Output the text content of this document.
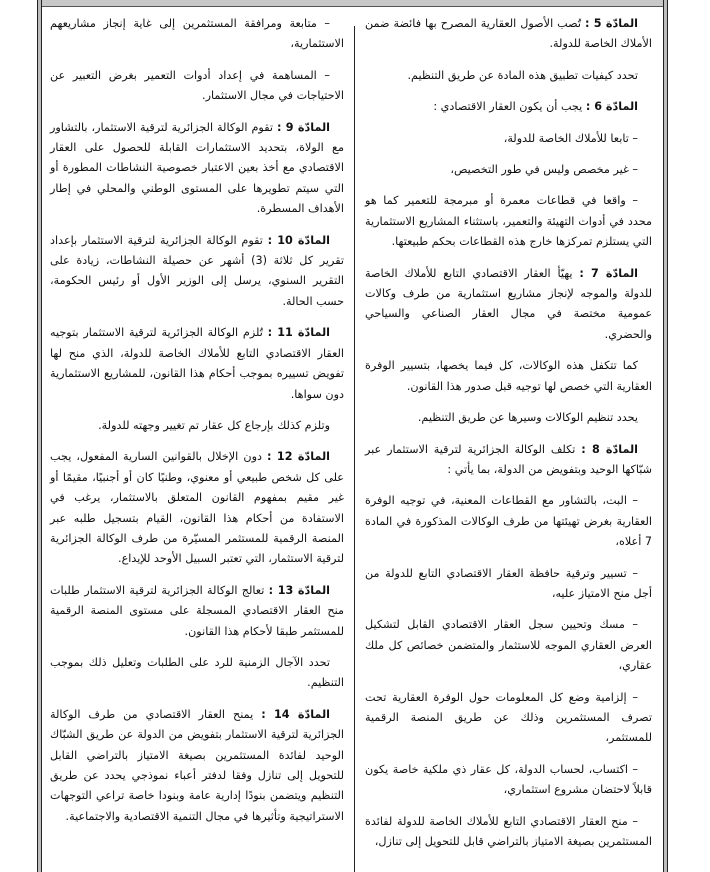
المادّة 5 : تُصب الأصول العقارية المصرح بها فائضة ضمن الأملاك الخاصة للدولة.

تحدد كيفيات تطبيق هذه المادة عن طريق التنظيم.

المادّة 6 : يجب أن يكون العقار الاقتصادي :

– تابعا للأملاك الخاصة للدولة،

– غير مخصص وليس في طور التخصيص،

– واقعا في قطاعات معمرة أو مبرمجة للتعمير كما هو محدد في أدوات التهيئة والتعمير، باستثناء المشاريع الاستثمارية التي يستلزم تمركزها خارج هذه القطاعات بحكم طبيعتها.

المادّة 7 : يهيّأ العقار الاقتصادي التابع للأملاك الخاصة للدولة والموجه لإنجاز مشاريع استثمارية من طرف وكالات عمومية مختصة في مجال العقار الصناعي والسياحي والحضري.

كما تتكفل هذه الوكالات، كل فيما يخصها، بتسيير الوفرة العقارية التي خصص لها توجيه قبل صدور هذا القانون.

يحدد تنظيم الوكالات وسيرها عن طريق التنظيم.

المادّة 8 : تكلف الوكالة الجزائرية لترقية الاستثمار عبر شبّاكها الوحيد وبتفويض من الدولة، بما يأتي :

– البت، بالتشاور مع القطاعات المعنية، في توجيه الوفرة العقارية بغرض تهيئتها من طرف الوكالات المذكورة في المادة 7 أعلاه،

– تسيير وترقية حافظة العقار الاقتصادي التابع للدولة من أجل منح الامتياز عليه،

– مسك وتحيين سجل العقار الاقتصادي القابل لتشكيل العرض العقاري الموجه للاستثمار والمتضمن خصائص كل ملك عقاري،

– إلزامية وضع كل المعلومات حول الوفرة العقارية تحت تصرف المستثمرين وذلك عن طريق المنصة الرقمية للمستثمر،

– اكتساب، لحساب الدولة، كل عقار ذي ملكية خاصة يكون قابلاً لاحتضان مشروع استثماري،

– منح العقار الاقتصادي التابع للأملاك الخاصة للدولة لفائدة المستثمرين بصيغة الامتياز بالتراضي قابل للتحويل إلى تنازل،

– متابعة ومرافقة المستثمرين إلى غاية إنجاز مشاريعهم الاستثمارية،

– المساهمة في إعداد أدوات التعمير بغرض التعبير عن الاحتياجات في مجال الاستثمار.

المادّة 9 : تقوم الوكالة الجزائرية لترقية الاستثمار، بالتشاور مع الولاة، بتحديد الاستثمارات القابلة للحصول على العقار الاقتصادي مع أخذ بعين الاعتبار خصوصية النشاطات المطورة أو التي سيتم تطويرها على المستوى الوطني والمحلي في إطار الأهداف المسطرة.

المادّة 10 : تقوم الوكالة الجزائرية لترقية الاستثمار بإعداد تقرير كل ثلاثة (3) أشهر عن حصيلة النشاطات، زيادة على التقرير السنوي، يرسل إلى الوزير الأول أو رئيس الحكومة، حسب الحالة.

المادّة 11 : تُلزم الوكالة الجزائرية لترقية الاستثمار بتوجيه العقار الاقتصادي التابع للأملاك الخاصة للدولة، الذي منح لها تفويض تسييره بموجب أحكام هذا القانون، للمشاريع الاستثمارية دون سواها.

وتلزم كذلك بإرجاع كل عقار تم تغيير وجهته للدولة.

المادّة 12 : دون الإخلال بالقوانين السارية المفعول، يجب على كل شخص طبيعي أو معنوي، وطنيًا كان أو أجنبيًا، مقيمًا أو غير مقيم بمفهوم القانون المتعلق بالاستثمار، يرغب في الاستفادة من أحكام هذا القانون، القيام بتسجيل طلبه عبر المنصة الرقمية للمستثمر المسيّرة من طرف الوكالة الجزائرية لترقية الاستثمار، التي تعتبر السبيل الأوحد للإيداع.

المادّة 13 : تعالج الوكالة الجزائرية لترقية الاستثمار طلبات منح العقار الاقتصادي المسجلة على مستوى المنصة الرقمية للمستثمر طبقا لأحكام هذا القانون.

تحدد الآجال الزمنية للرد على الطلبات وتعليل ذلك بموجب التنظيم.

المادّة 14 : يمنح العقار الاقتصادي من طرف الوكالة الجزائرية لترقية الاستثمار بتفويض من الدولة عن طريق الشبّاك الوحيد لفائدة المستثمرين بصيغة الامتياز بالتراضي القابل للتحويل إلى تنازل وفقا لدفتر أعباء نموذجي يحدد عن طريق التنظيم ويتضمن بنودًا إدارية عامة وبنودا خاصة تراعي التوجهات الاستراتيجية وتأثيرها في مجال التنمية الاقتصادية والاجتماعية.
